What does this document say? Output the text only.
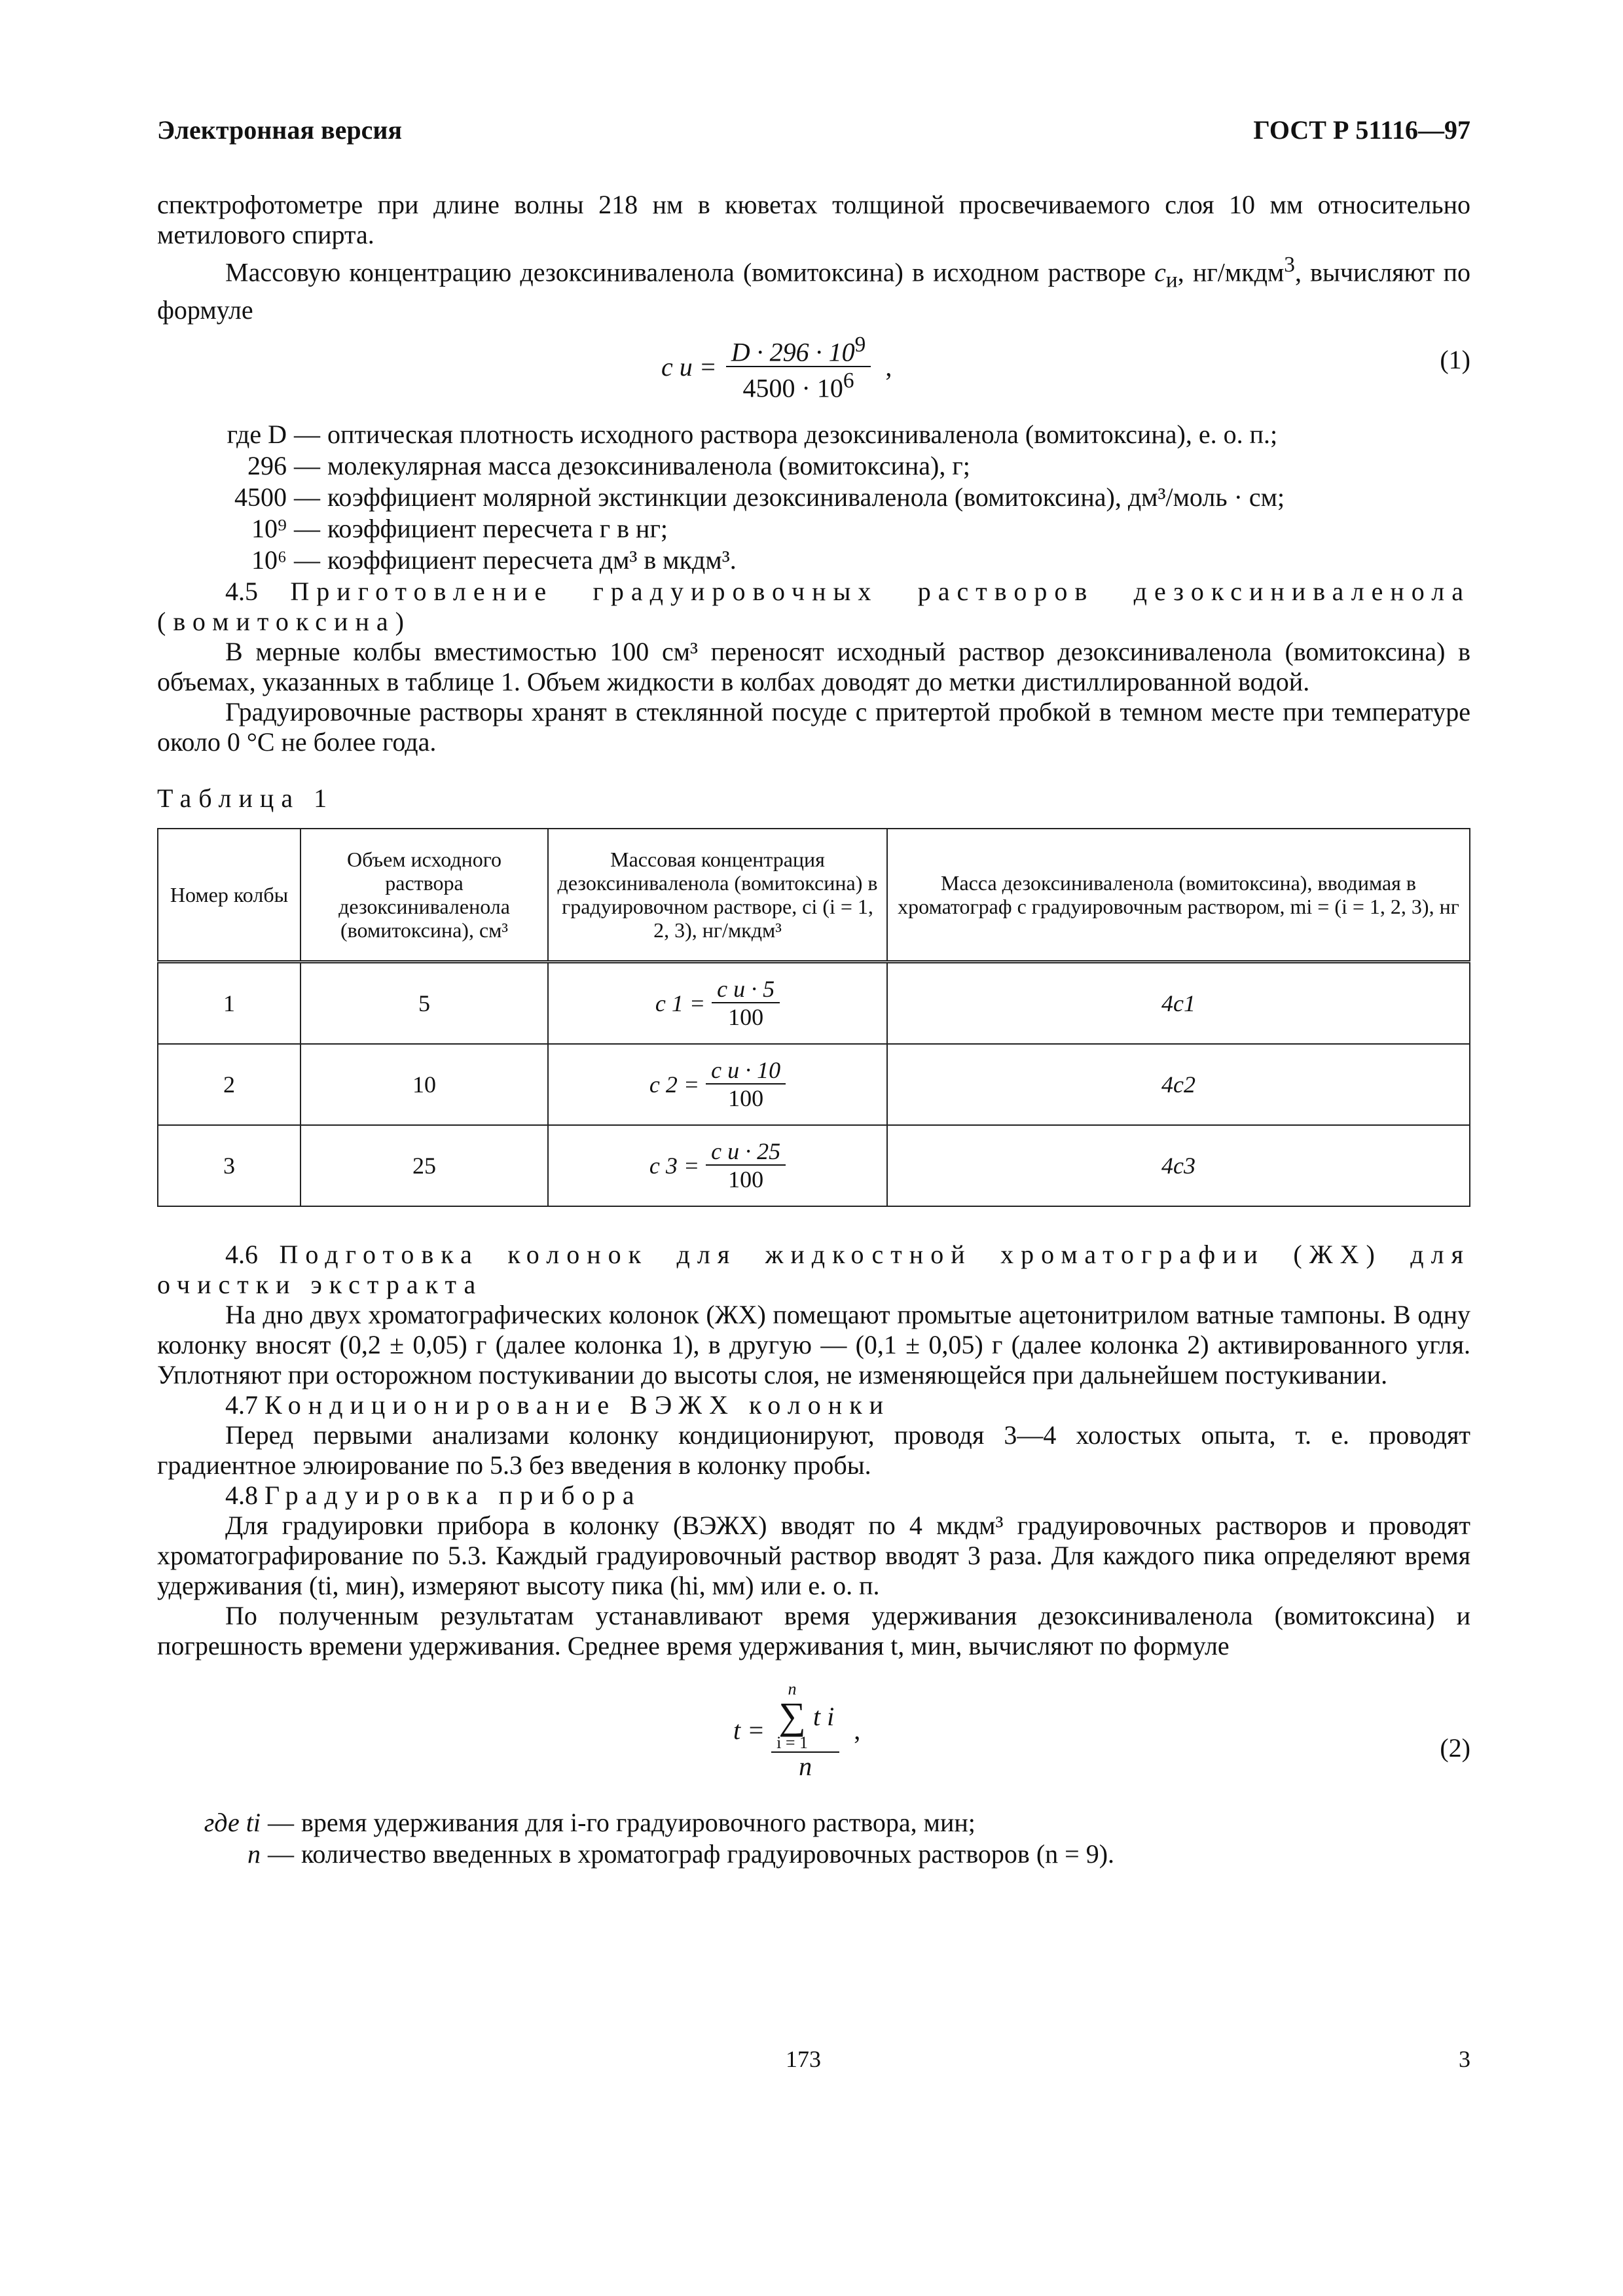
Электронная версия	ГОСТ Р 51116—97

спектрофотометре при длине волны 218 нм в кюветах толщиной просвечиваемого слоя 10 мм относительно метилового спирта.

Массовую концентрацию дезоксиниваленола (вомитоксина) в исходном растворе $c_и$, нг/мкдм$^3$, вычисляют по формуле

c $и = \frac{D \cdot 296 \cdot 10^9}{4500 \cdot 10^6}$ ,	(1)
где D — оптическая плотность исходного раствора дезоксиниваленола (вомитоксина), е. о. п.;
296 — молекулярная масса дезоксиниваленола (вомитоксина), г;
4500 — коэффициент молярной экстинкции дезоксиниваленола (вомитоксина), дм³/моль · см;
10⁹ — коэффициент пересчета г в нг;
10⁶ — коэффициент пересчета дм³ в мкдм³.

4.5 Приготовление градуировочных растворов дезоксиниваленола (вомитоксина)

В мерные колбы вместимостью 100 см³ переносят исходный раствор дезоксиниваленола (вомитоксина) в объемах, указанных в таблице 1. Объем жидкости в колбах доводят до метки дистиллированной водой.

Градуировочные растворы хранят в стеклянной посуде с притертой пробкой в темном месте при температуре около 0 °С не более года.

Таблица 1

Номер колбы	Объем исходного раствора дезоксиниваленола (вомитоксина), см³	Массовая концентрация дезоксиниваленола (вомитоксина) в градуировочном растворе, ci (i = 1, 2, 3), нг/мкдм³	Масса дезоксиниваленола (вомитоксина), вводимая в хроматограф с градуировочным раствором, mi = (i = 1, 2, 3), нг
1	5	c $1 = \frac{\text{c и · 5}}{100}$	4c1
2	10	c $2 = \frac{\text{c и · 10}}{100}$	4c2
3	25	c $3 = \frac{\text{c и · 25}}{100}$	4c3

4.6 Подготовка колонок для жидкостной хроматографии (ЖХ) для очистки экстракта

На дно двух хроматографических колонок (ЖХ) помещают промытые ацетонитрилом ватные тампоны. В одну колонку вносят (0,2 ± 0,05) г (далее колонка 1), в другую — (0,1 ± 0,05) г (далее колонка 2) активированного угля. Уплотняют при осторожном постукивании до высоты слоя, не изменяющейся при дальнейшем постукивании.

4.7 Кондиционирование ВЭЖХ колонки

Перед первыми анализами колонку кондиционируют, проводя 3—4 холостых опыта, т. е. проводят градиентное элюирование по 5.3 без введения в колонку пробы.

4.8 Градуировка прибора

Для градуировки прибора в колонку (ВЭЖХ) вводят по 4 мкдм³ градуировочных растворов и проводят хроматографирование по 5.3. Каждый градуировочный раствор вводят 3 раза. Для каждого пика определяют время удерживания (ti, мин), измеряют высоту пика (hi, мм) или е. о. п.

По полученным результатам устанавливают время удерживания дезоксиниваленола (вомитоксина) и погрешность времени удерживания. Среднее время удерживания t, мин, вычисляют по формуле

t =
n
∑
i = 1
t i
n
,
(2)
где ti — время удерживания для i-го градуировочного раствора, мин;
n — количество введенных в хроматограф градуировочных растворов (n = 9).
173	3
